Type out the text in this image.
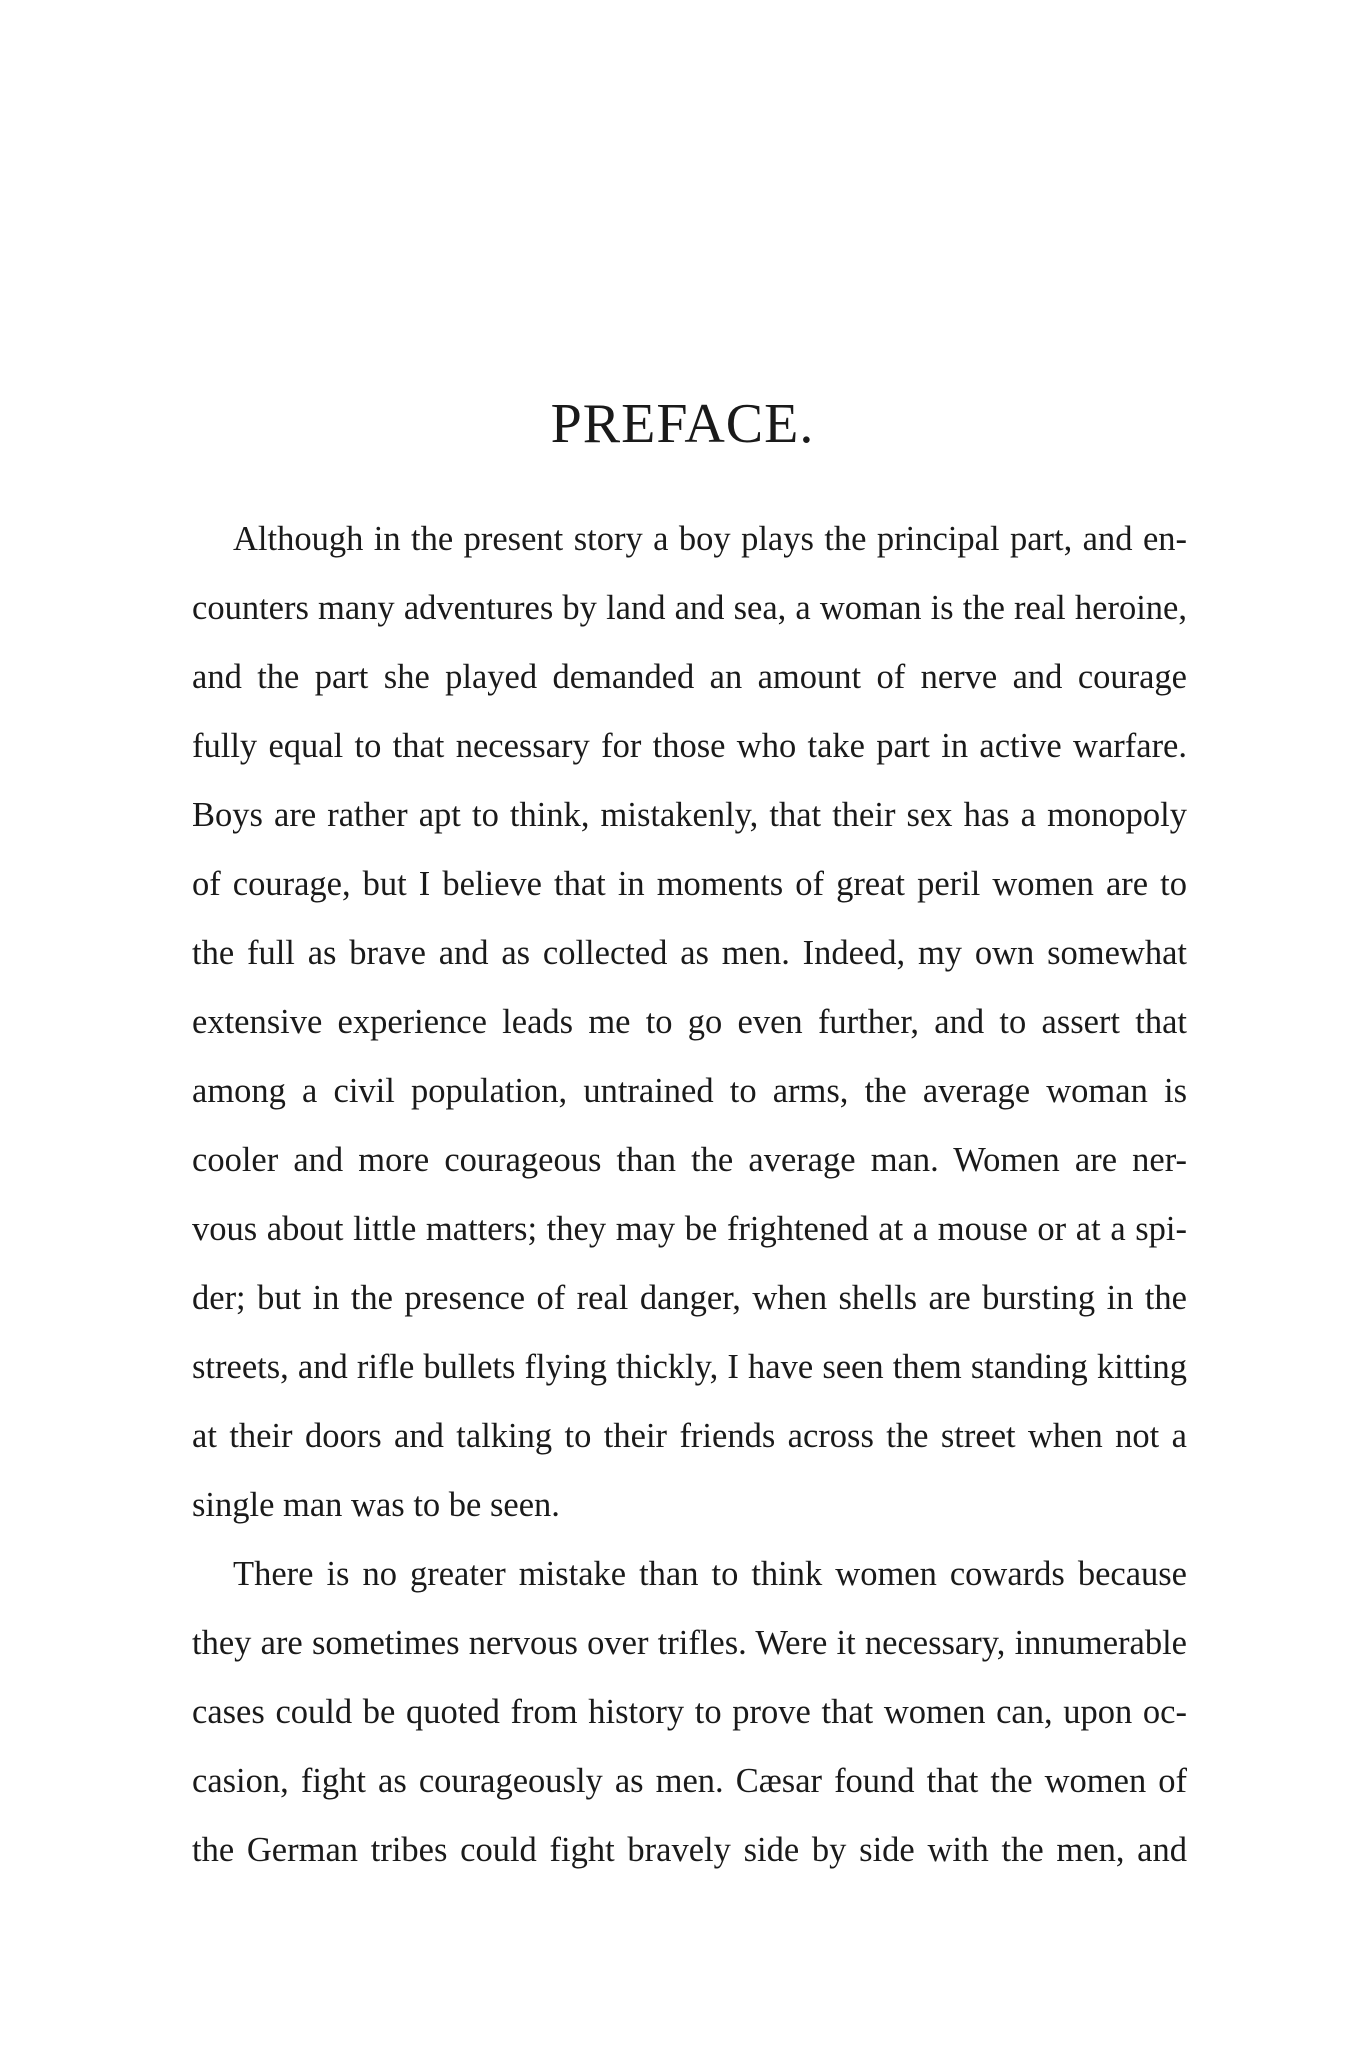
PREFACE.
Although in the present story a boy plays the principal part, and en-
counters many adventures by land and sea, a woman is the real heroine,
and the part she played demanded an amount of nerve and courage
fully equal to that necessary for those who take part in active warfare.
Boys are rather apt to think, mistakenly, that their sex has a monopoly
of courage, but I believe that in moments of great peril women are to
the full as brave and as collected as men. Indeed, my own somewhat
extensive experience leads me to go even further, and to assert that
among a civil population, untrained to arms, the average woman is
cooler and more courageous than the average man. Women are ner-
vous about little matters; they may be frightened at a mouse or at a spi-
der; but in the presence of real danger, when shells are bursting in the
streets, and rifle bullets flying thickly, I have seen them standing kitting
at their doors and talking to their friends across the street when not a
single man was to be seen.
There is no greater mistake than to think women cowards because
they are sometimes nervous over trifles. Were it necessary, innumerable
cases could be quoted from history to prove that women can, upon oc-
casion, fight as courageously as men. Cæsar found that the women of
the German tribes could fight bravely side by side with the men, and
